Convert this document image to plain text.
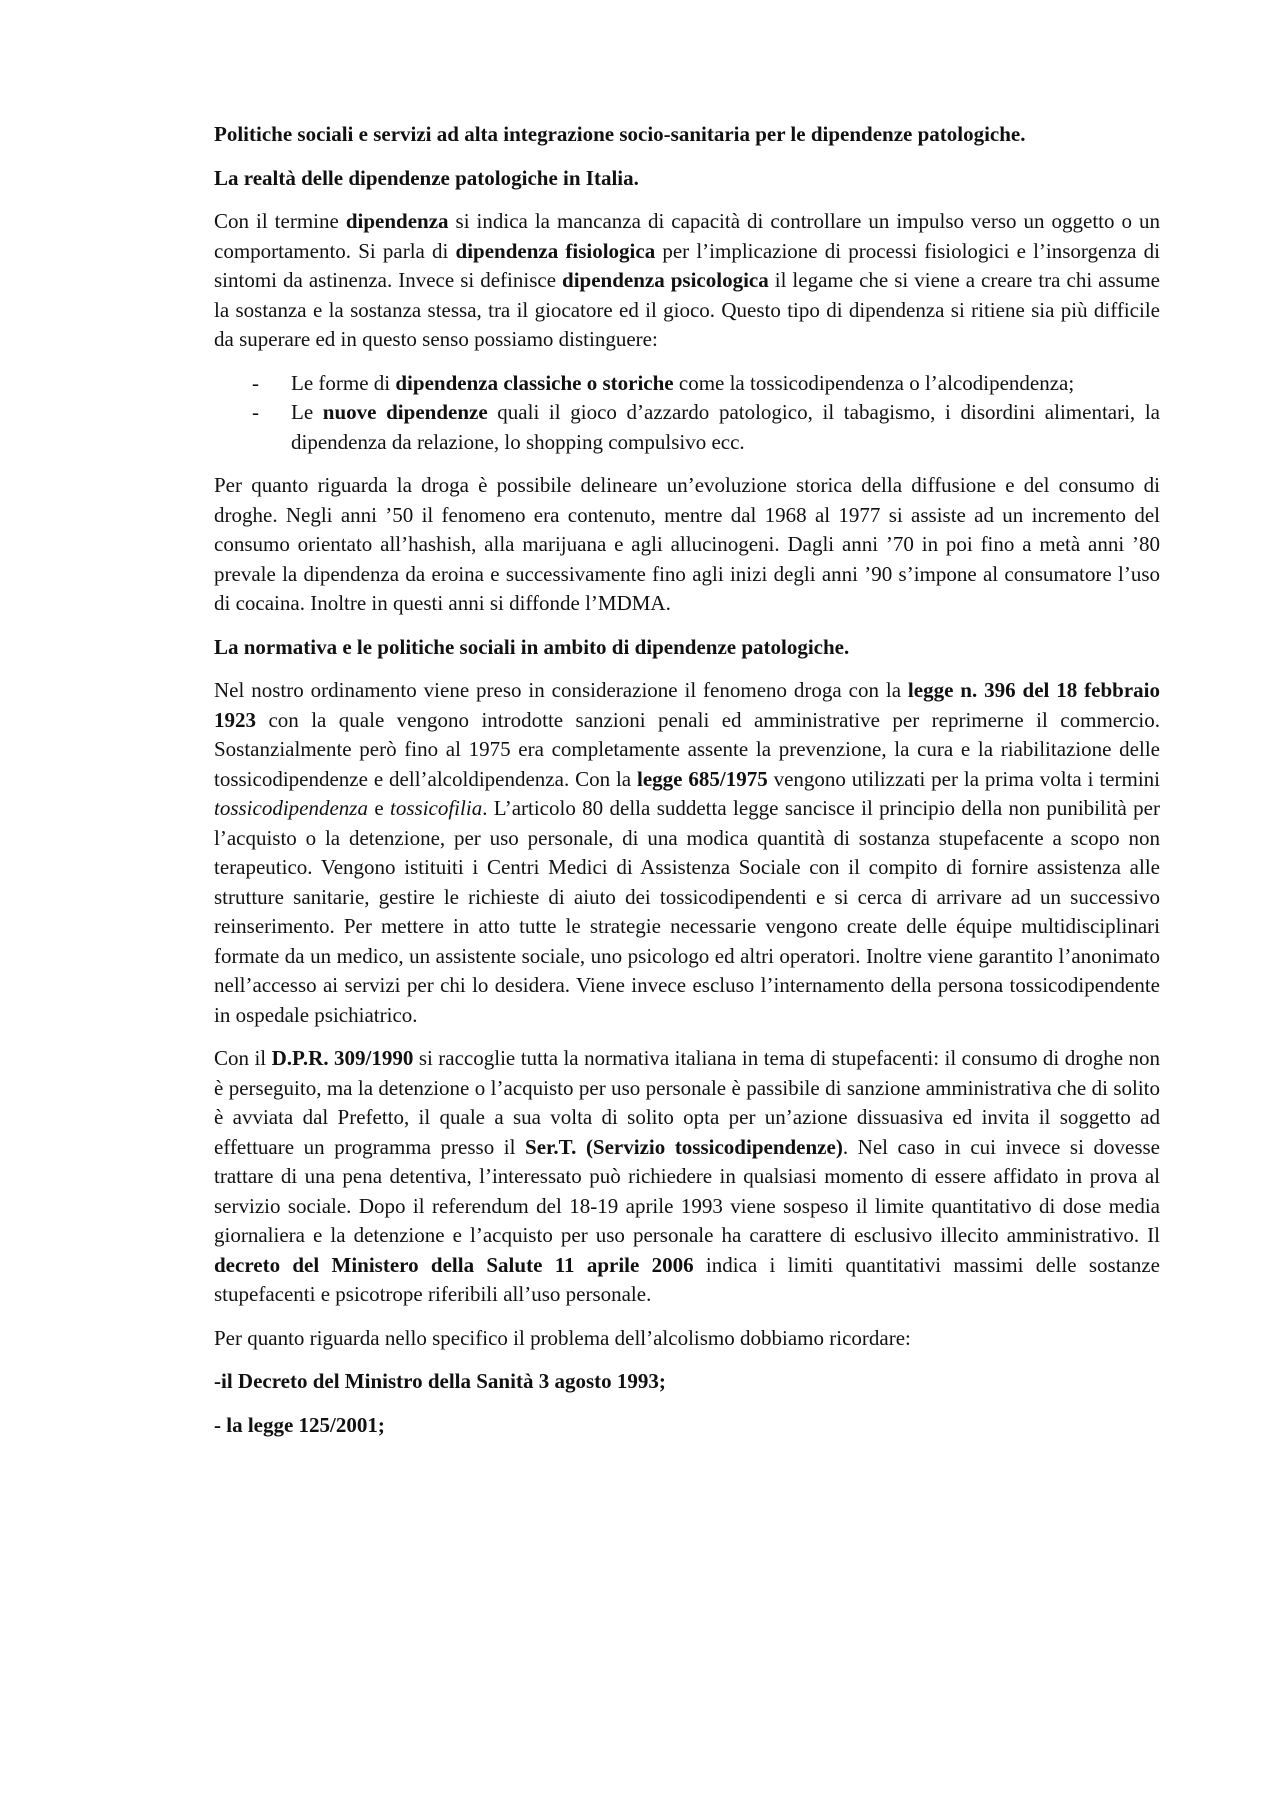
Politiche sociali e servizi ad alta integrazione socio-sanitaria per le dipendenze patologiche.

La realtà delle dipendenze patologiche in Italia.

Con il termine dipendenza si indica la mancanza di capacità di controllare un impulso verso un oggetto o un comportamento. Si parla di dipendenza fisiologica per l’implicazione di processi fisiologici e l’insorgenza di sintomi da astinenza. Invece si definisce dipendenza psicologica il legame che si viene a creare tra chi assume la sostanza e la sostanza stessa, tra il giocatore ed il gioco. Questo tipo di dipendenza si ritiene sia più difficile da superare ed in questo senso possiamo distinguere:

- Le forme di dipendenza classiche o storiche come la tossicodipendenza o l’alcodipendenza;
- Le nuove dipendenze quali il gioco d’azzardo patologico, il tabagismo, i disordini alimentari, la dipendenza da relazione, lo shopping compulsivo ecc.

Per quanto riguarda la droga è possibile delineare un’evoluzione storica della diffusione e del consumo di droghe. Negli anni ’50 il fenomeno era contenuto, mentre dal 1968 al 1977 si assiste ad un incremento del consumo orientato all’hashish, alla marijuana e agli allucinogeni. Dagli anni ’70 in poi fino a metà anni ’80 prevale la dipendenza da eroina e successivamente fino agli inizi degli anni ’90 s’impone al consumatore l’uso di cocaina. Inoltre in questi anni si diffonde l’MDMA.

La normativa e le politiche sociali in ambito di dipendenze patologiche.

Nel nostro ordinamento viene preso in considerazione il fenomeno droga con la legge n. 396 del 18 febbraio 1923 con la quale vengono introdotte sanzioni penali ed amministrative per reprimerne il commercio. Sostanzialmente però fino al 1975 era completamente assente la prevenzione, la cura e la riabilitazione delle tossicodipendenze e dell’alcoldipendenza. Con la legge 685/1975 vengono utilizzati per la prima volta i termini tossicodipendenza e tossicofilia. L’articolo 80 della suddetta legge sancisce il principio della non punibilità per l’acquisto o la detenzione, per uso personale, di una modica quantità di sostanza stupefacente a scopo non terapeutico. Vengono istituiti i Centri Medici di Assistenza Sociale con il compito di fornire assistenza alle strutture sanitarie, gestire le richieste di aiuto dei tossicodipendenti e si cerca di arrivare ad un successivo reinserimento. Per mettere in atto tutte le strategie necessarie vengono create delle équipe multidisciplinari formate da un medico, un assistente sociale, uno psicologo ed altri operatori. Inoltre viene garantito l’anonimato nell’accesso ai servizi per chi lo desidera. Viene invece escluso l’internamento della persona tossicodipendente in ospedale psichiatrico.

Con il D.P.R. 309/1990 si raccoglie tutta la normativa italiana in tema di stupefacenti: il consumo di droghe non è perseguito, ma la detenzione o l’acquisto per uso personale è passibile di sanzione amministrativa che di solito è avviata dal Prefetto, il quale a sua volta di solito opta per un’azione dissuasiva ed invita il soggetto ad effettuare un programma presso il Ser.T. (Servizio tossicodipendenze). Nel caso in cui invece si dovesse trattare di una pena detentiva, l’interessato può richiedere in qualsiasi momento di essere affidato in prova al servizio sociale. Dopo il referendum del 18-19 aprile 1993 viene sospeso il limite quantitativo di dose media giornaliera e la detenzione e l’acquisto per uso personale ha carattere di esclusivo illecito amministrativo. Il decreto del Ministero della Salute 11 aprile 2006 indica i limiti quantitativi massimi delle sostanze stupefacenti e psicotrope riferibili all’uso personale.

Per quanto riguarda nello specifico il problema dell’alcolismo dobbiamo ricordare:

-il Decreto del Ministro della Sanità 3 agosto 1993;

- la legge 125/2001;
